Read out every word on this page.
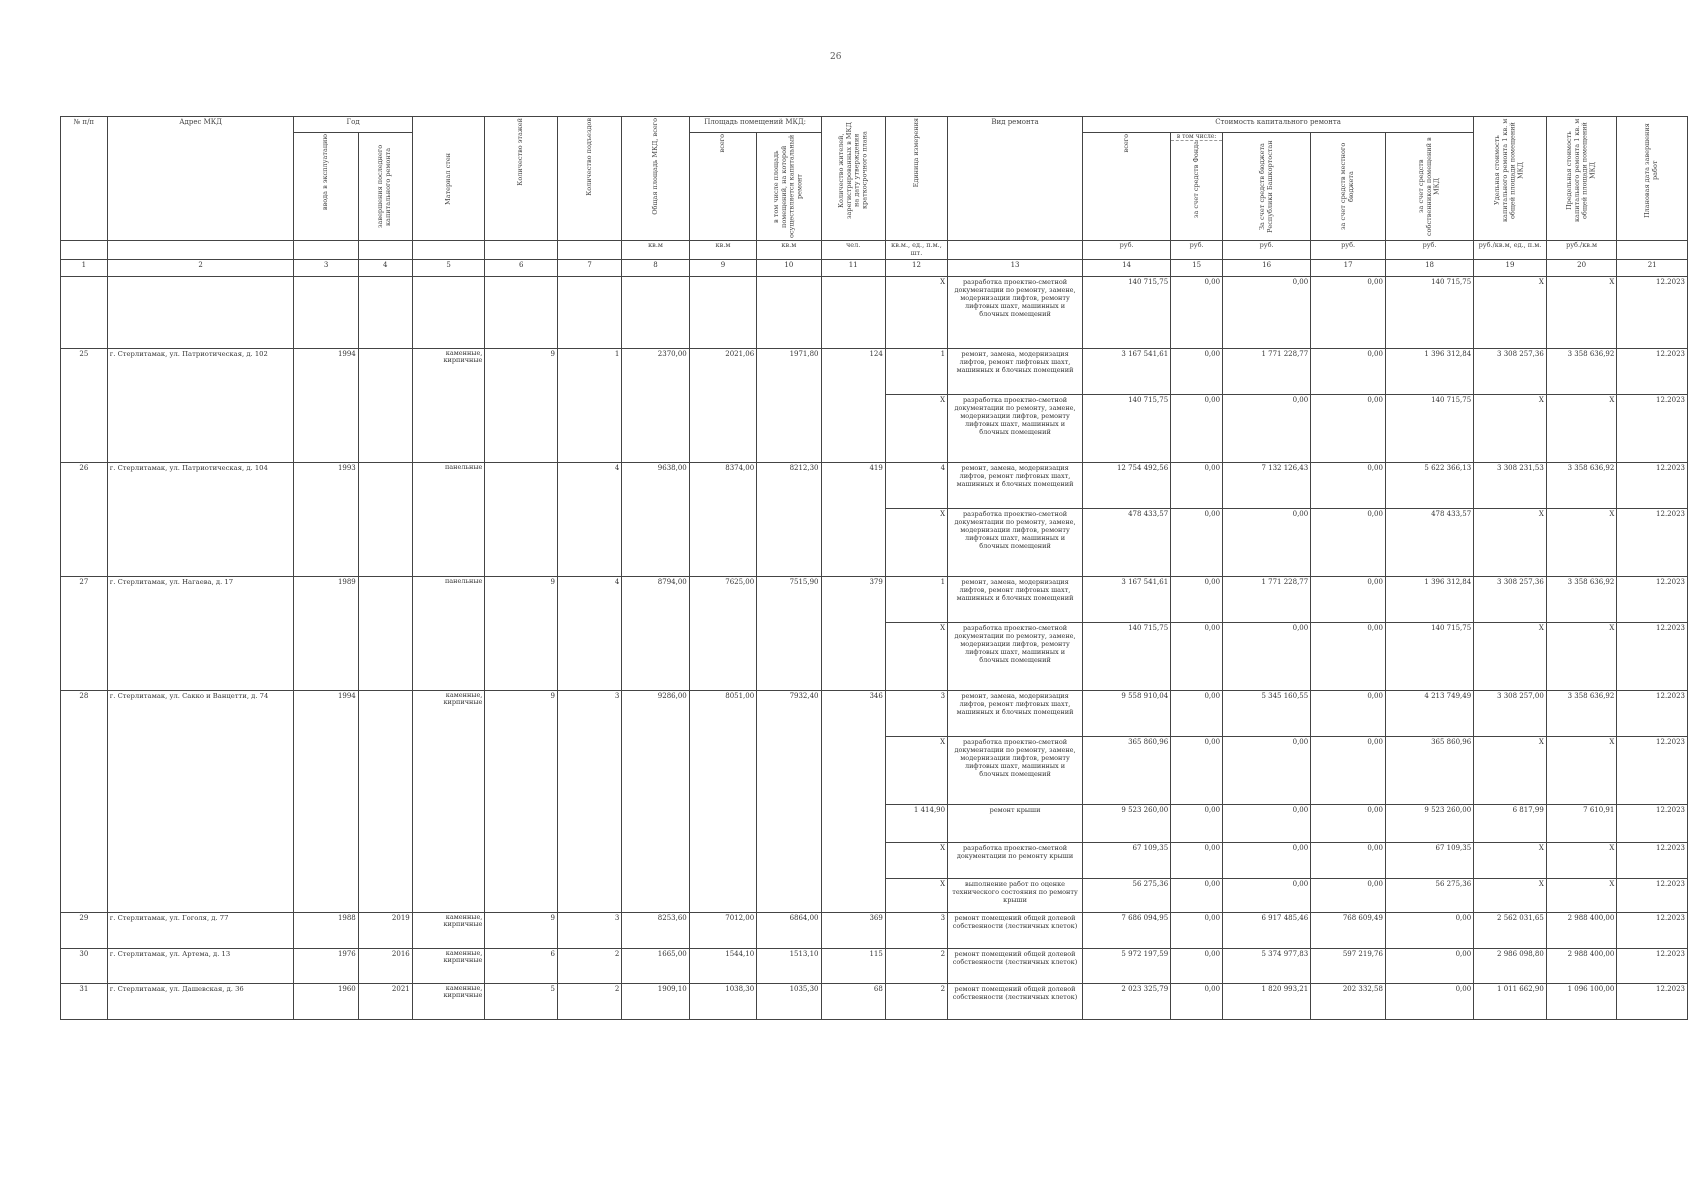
26
№ п/п	Адрес МКД	Год		Материал стен	Количество этажей	Количество подъездов	Общая площадь МКД, всего	Площадь помещений МКД:		Количество жителей, зарегистрированных в МКД на дату утверждения краткосрочного плана	Единица измерения	Вид ремонта	Стоимость капитального ремонта					Удельная стоимость капитального ремонта 1 кв. м общей площади помещений МКД	Предельная стоимость капитального ремонта 1 кв. м общей площади помещений МКД	Плановая дата завершения работ

		ввода в эксплуатацию	завершения последнего капитального ремонта					всего	в том числе площадь помещений, на которой осуществляется капитальный ремонт				всего	в том числе:
за счет средств Фонда	За счет средств бюджета Республики Башкортостан	за счет средств местного бюджета	за счет средств собственников помещений в МКД			

							кв.м	кв.м	кв.м	чел.	кв.м., ед., п.м., шт.		руб.	руб.	руб.	руб.	руб.	руб./кв.м, ед., п.м.	руб./кв.м	
1	2	3	4	5	6	7	8	9	10	11	12	13	14	15	16	17	18	19	20	21
											X	разработка проектно-сметной документации по ремонту, замене, модернизации лифтов, ремонту лифтовых шахт, машинных и блочных помещений	140 715,75	0,00	0,00	0,00	140 715,75	X	X	12.2023
25	г. Стерлитамак, ул. Патриотическая, д. 102	1994		каменные, кирпичные	9	1	2370,00	2021,06	1971,80	124	1	ремонт, замена, модернизация лифтов, ремонт лифтовых шахт, машинных и блочных помещений	3 167 541,61	0,00	1 771 228,77	0,00	1 396 312,84	3 308 257,36	3 358 636,92	12.2023
											X	разработка проектно-сметной документации по ремонту, замене, модернизации лифтов, ремонту лифтовых шахт, машинных и блочных помещений	140 715,75	0,00	0,00	0,00	140 715,75	X	X	12.2023
26	г. Стерлитамак, ул. Патриотическая, д. 104	1993		панельные		4	9638,00	8374,00	8212,30	419	4	ремонт, замена, модернизация лифтов, ремонт лифтовых шахт, машинных и блочных помещений	12 754 492,56	0,00	7 132 126,43	0,00	5 622 366,13	3 308 231,53	3 358 636,92	12.2023
											X	разработка проектно-сметной документации по ремонту, замене, модернизации лифтов, ремонту лифтовых шахт, машинных и блочных помещений	478 433,57	0,00	0,00	0,00	478 433,57	X	X	12.2023
27	г. Стерлитамак, ул. Нагаева, д. 17	1989		панельные	9	4	8794,00	7625,00	7515,90	379	1	ремонт, замена, модернизация лифтов, ремонт лифтовых шахт, машинных и блочных помещений	3 167 541,61	0,00	1 771 228,77	0,00	1 396 312,84	3 308 257,36	3 358 636,92	12.2023
											X	разработка проектно-сметной документации по ремонту, замене, модернизации лифтов, ремонту лифтовых шахт, машинных и блочных помещений	140 715,75	0,00	0,00	0,00	140 715,75	X	X	12.2023
28	г. Стерлитамак, ул. Сакко и Ванцетти, д. 74	1994		каменные, кирпичные	9	3	9286,00	8051,00	7932,40	346	3	ремонт, замена, модернизация лифтов, ремонт лифтовых шахт, машинных и блочных помещений	9 558 910,04	0,00	5 345 160,55	0,00	4 213 749,49	3 308 257,00	3 358 636,92	12.2023
											X	разработка проектно-сметной документации по ремонту, замене, модернизации лифтов, ремонту лифтовых шахт, машинных и блочных помещений	365 860,96	0,00	0,00	0,00	365 860,96	X	X	12.2023
											1 414,90	ремонт крыши	9 523 260,00	0,00	0,00	0,00	9 523 260,00	6 817,99	7 610,91	12.2023
											X	разработка проектно-сметной документации по ремонту крыши	67 109,35	0,00	0,00	0,00	67 109,35	X	X	12.2023
											X	выполнение работ по оценке технического состояния по ремонту крыши	56 275,36	0,00	0,00	0,00	56 275,36	X	X	12.2023
29	г. Стерлитамак, ул. Гоголя, д. 77	1988	2019	каменные, кирпичные	9	3	8253,60	7012,00	6864,00	369	3	ремонт помещений общей долевой собственности (лестничных клеток)	7 686 094,95	0,00	6 917 485,46	768 609,49	0,00	2 562 031,65	2 988 400,00	12.2023
30	г. Стерлитамак, ул. Артема, д. 13	1976	2016	каменные, кирпичные	6	2	1665,00	1544,10	1513,10	115	2	ремонт помещений общей долевой собственности (лестничных клеток)	5 972 197,59	0,00	5 374 977,83	597 219,76	0,00	2 986 098,80	2 988 400,00	12.2023
31	г. Стерлитамак, ул. Дашевская, д. 36	1960	2021	каменные, кирпичные	5	2	1909,10	1038,30	1035,30	68	2	ремонт помещений общей долевой собственности (лестничных клеток)	2 023 325,79	0,00	1 820 993,21	202 332,58	0,00	1 011 662,90	1 096 100,00	12.2023
